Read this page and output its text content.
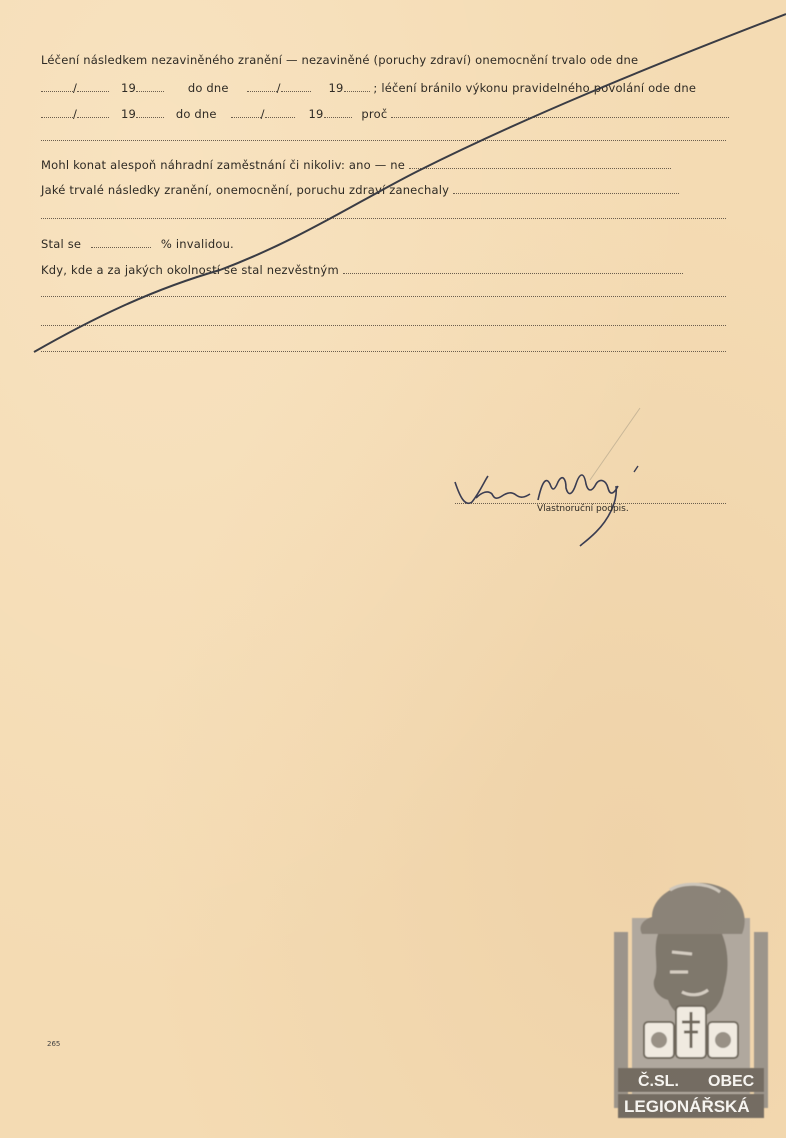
Léčení následkem nezaviněného zranění — nezaviněné (poruchy zdraví) onemocnění trvalo ode dne
/	19	do dne	/	19	; léčení bránilo výkonu pravidelného povolání ode dne
/	19	do dne	/	19	proč
Mohl konat alespoň náhradní zaměstnání či nikoliv: ano — ne
Jaké trvalé následky zranění, onemocnění, poruchu zdraví zanechaly
Stal se	% invalidou.
Kdy, kde a za jakých okolností se stal nezvěstným
Vlastnoruční podpis.
265
Č.SL. OBEC
LEGIONÁŘSKÁ
